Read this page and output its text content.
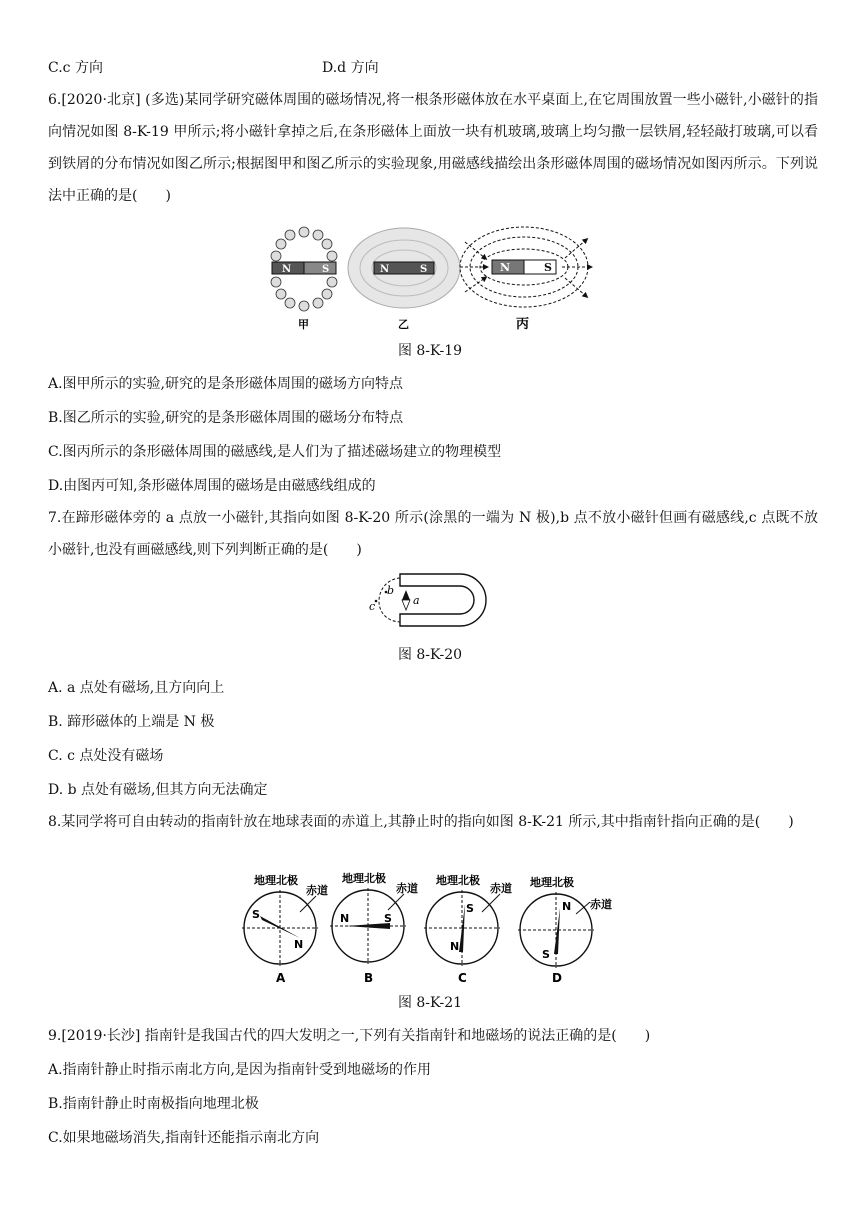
C.c 方向	D.d 方向
6.[2020·北京] (多选)某同学研究磁体周围的磁场情况,将一根条形磁体放在水平桌面上,在它周围放置一些小磁针,小磁针的指向情况如图 8-K-19 甲所示;将小磁针拿掉之后,在条形磁体上面放一块有机玻璃,玻璃上均匀撒一层铁屑,轻轻敲打玻璃,可以看到铁屑的分布情况如图乙所示;根据图甲和图乙所示的实验现象,用磁感线描绘出条形磁体周围的磁场情况如图丙所示。下列说法中正确的是(　　)
N	S	N	S	N	S
甲	乙	丙
图 8-K-19
A.图甲所示的实验,研究的是条形磁体周围的磁场方向特点
B.图乙所示的实验,研究的是条形磁体周围的磁场分布特点
C.图丙所示的条形磁体周围的磁感线,是人们为了描述磁场建立的物理模型
D.由图丙可知,条形磁体周围的磁场是由磁感线组成的
7.在蹄形磁体旁的 a 点放一小磁针,其指向如图 8-K-20 所示(涂黑的一端为 N 极),b 点不放小磁针但画有磁感线,c 点既不放小磁针,也没有画磁感线,则下列判断正确的是(　　)
a
b
c
图 8-K-20
A. a 点处有磁场,且方向向上
B. 蹄形磁体的上端是 N 极
C. c 点处没有磁场
D. b 点处有磁场,但其方向无法确定
8.某同学将可自由转动的指南针放在地球表面的赤道上,其静止时的指向如图 8-K-21 所示,其中指南针指向正确的是(　　)
地理北极
赤道
S
N
A
地理北极
赤道
N	S
B
地理北极
赤道
S
N
C
地理北极
赤道
N
S
D
图 8-K-21
9.[2019·长沙] 指南针是我国古代的四大发明之一,下列有关指南针和地磁场的说法正确的是(　　)
A.指南针静止时指示南北方向,是因为指南针受到地磁场的作用
B.指南针静止时南极指向地理北极
C.如果地磁场消失,指南针还能指示南北方向
